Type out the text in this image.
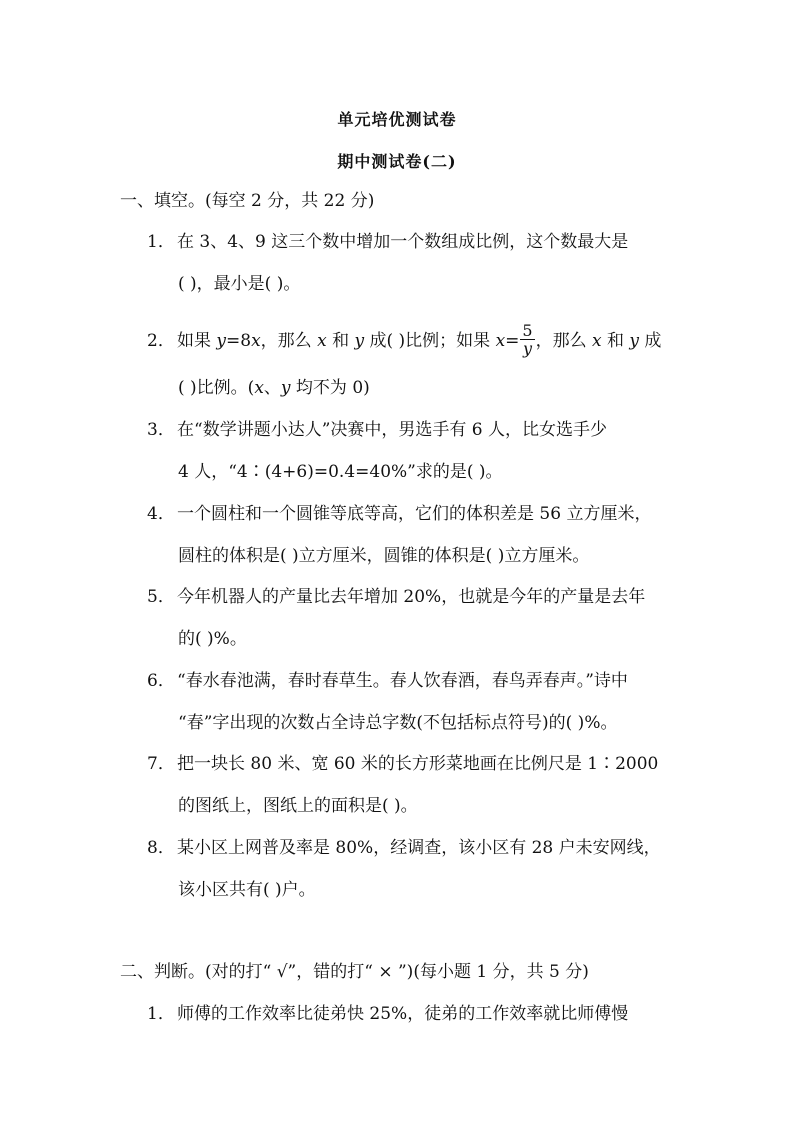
单元培优测试卷
期中测试卷(二)
一、填空。(每空 2 分，共 22 分)
1． 在 3、4、9 这三个数中增加一个数组成比例，这个数最大是
( )，最小是( )。
2． 如果 y=8x，那么 x 和 y 成( )比例；如果 $x= \frac{5}{y}$ ，那么 x 和 y 成
( )比例。(x、y 均不为 0)
3． 在“数学讲题小达人”决赛中，男选手有 6 人，比女选手少
4 人，“4∶(4+6)=0.4=40%”求的是( )。
4． 一个圆柱和一个圆锥等底等高，它们的体积差是 56 立方厘米，
圆柱的体积是( )立方厘米，圆锥的体积是( )立方厘米。
5． 今年机器人的产量比去年增加 20%，也就是今年的产量是去年
的( )%。
6． “春水春池满，春时春草生。春人饮春酒，春鸟弄春声。”诗中
“春”字出现的次数占全诗总字数(不包括标点符号)的( )%。
7． 把一块长 80 米、宽 60 米的长方形菜地画在比例尺是 1∶2000
的图纸上，图纸上的面积是( )。
8． 某小区上网普及率是 80%，经调查，该小区有 28 户未安网线，
该小区共有( )户。
二、判断。(对的打“ √”，错的打“ × ”)(每小题 1 分，共 5 分)
1． 师傅的工作效率比徒弟快 25%，徒弟的工作效率就比师傅慢
